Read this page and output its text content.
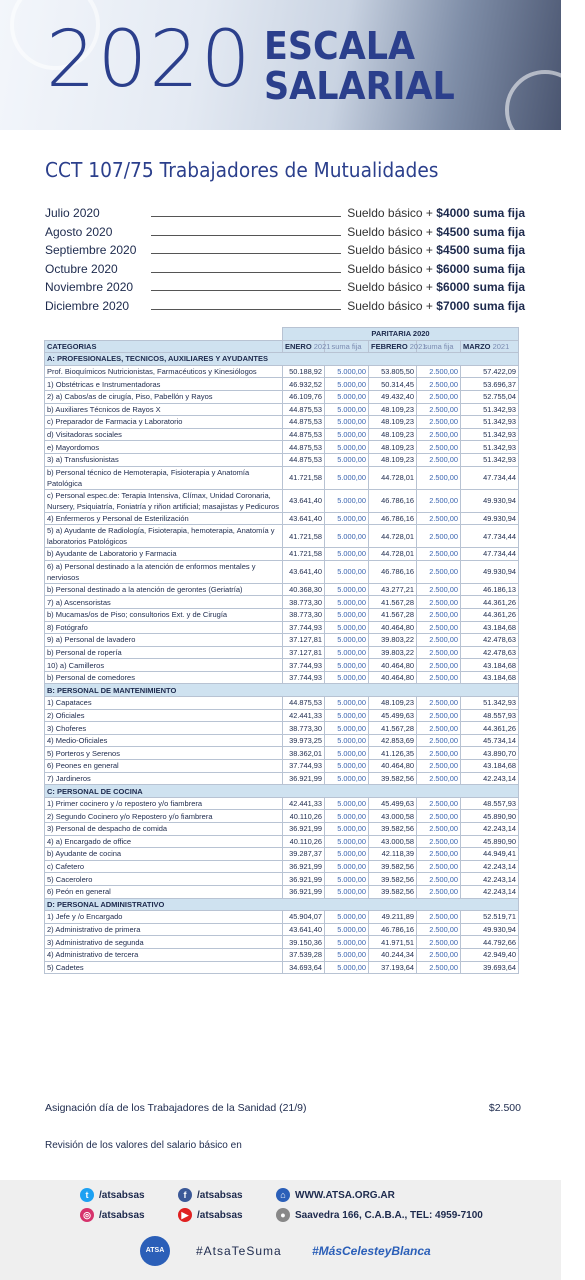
2020 ESCALA
SALARIAL
CCT 107/75 Trabajadores de Mutualidades
Julio 2020	Sueldo básico + $4000 suma fija
Agosto 2020	Sueldo básico + $4500 suma fija
Septiembre 2020	Sueldo básico + $4500 suma fija
Octubre 2020	Sueldo básico + $6000 suma fija
Noviembre 2020	Sueldo básico + $6000 suma fija
Diciembre 2020	Sueldo básico + $7000 suma fija
	PARITARIA 2020				
CATEGORIAS	ENERO 2021	suma fija	FEBRERO 2021	suma fija	MARZO 2021
A: PROFESIONALES, TECNICOS, AUXILIARES Y AYUDANTES					
Prof. Bioquímicos Nutricionistas, Farmacéuticos y Kinesiólogos	50.188,92	5.000,00	53.805,50	2.500,00	57.422,09
1) Obstétricas e Instrumentadoras	46.932,52	5.000,00	50.314,45	2.500,00	53.696,37
2) a) Cabos/as de cirugía, Piso, Pabellón y Rayos	46.109,76	5.000,00	49.432,40	2.500,00	52.755,04
b) Auxiliares Técnicos de Rayos X	44.875,53	5.000,00	48.109,23	2.500,00	51.342,93
c) Preparador de Farmacia y Laboratorio	44.875,53	5.000,00	48.109,23	2.500,00	51.342,93
d) Visitadoras sociales	44.875,53	5.000,00	48.109,23	2.500,00	51.342,93
e) Mayordomos	44.875,53	5.000,00	48.109,23	2.500,00	51.342,93
3) a) Transfusionistas	44.875,53	5.000,00	48.109,23	2.500,00	51.342,93
b) Personal técnico de Hemoterapia, Fisioterapia y Anatomía Patológica	41.721,58	5.000,00	44.728,01	2.500,00	47.734,44
c) Personal espec.de: Terapia Intensiva, Clímax, Unidad Coronaria, Nursery, Psiquiatría, Foniatría y riñon artificial; masajistas y Pedicuros	43.641,40	5.000,00	46.786,16	2.500,00	49.930,94
4) Enfermeros y Personal de Esterilización	43.641,40	5.000,00	46.786,16	2.500,00	49.930,94
5) a) Ayudante de Radiología, Fisioterapia, hemoterapia, Anatomía y laboratorios Patológicos	41.721,58	5.000,00	44.728,01	2.500,00	47.734,44
b) Ayudante de Laboratorio y Farmacia	41.721,58	5.000,00	44.728,01	2.500,00	47.734,44
6) a) Personal destinado a la atención de enformos mentales y nerviosos	43.641,40	5.000,00	46.786,16	2.500,00	49.930,94
b) Personal destinado a la atención de gerontes (Geriatría)	40.368,30	5.000,00	43.277,21	2.500,00	46.186,13
7) a) Ascensoristas	38.773,30	5.000,00	41.567,28	2.500,00	44.361,26
b) Mucamas/os de Piso; consultorios Ext. y de Cirugía	38.773,30	5.000,00	41.567,28	2.500,00	44.361,26
8) Fotógrafo	37.744,93	5.000,00	40.464,80	2.500,00	43.184,68
9) a) Personal de lavadero	37.127,81	5.000,00	39.803,22	2.500,00	42.478,63
b) Personal de ropería	37.127,81	5.000,00	39.803,22	2.500,00	42.478,63
10) a) Camilleros	37.744,93	5.000,00	40.464,80	2.500,00	43.184,68
b) Personal de comedores	37.744,93	5.000,00	40.464,80	2.500,00	43.184,68
B: PERSONAL DE MANTENIMIENTO					
1) Capataces	44.875,53	5.000,00	48.109,23	2.500,00	51.342,93
2) Oficiales	42.441,33	5.000,00	45.499,63	2.500,00	48.557,93
3) Choferes	38.773,30	5.000,00	41.567,28	2.500,00	44.361,26
4) Medio-Oficiales	39.973,25	5.000,00	42.853,69	2.500,00	45.734,14
5) Porteros y Serenos	38.362,01	5.000,00	41.126,35	2.500,00	43.890,70
6) Peones en general	37.744,93	5.000,00	40.464,80	2.500,00	43.184,68
7) Jardineros	36.921,99	5.000,00	39.582,56	2.500,00	42.243,14
C: PERSONAL DE COCINA					
1) Primer cocinero y /o repostero y/o fiambrera	42.441,33	5.000,00	45.499,63	2.500,00	48.557,93
2) Segundo Cocinero y/o Repostero y/o fiambrera	40.110,26	5.000,00	43.000,58	2.500,00	45.890,90
3) Personal de despacho de comida	36.921,99	5.000,00	39.582,56	2.500,00	42.243,14
4) a) Encargado de office	40.110,26	5.000,00	43.000,58	2.500,00	45.890,90
b) Ayudante de cocina	39.287,37	5.000,00	42.118,39	2.500,00	44.949,41
c) Cafetero	36.921,99	5.000,00	39.582,56	2.500,00	42.243,14
5) Cacerolero	36.921,99	5.000,00	39.582,56	2.500,00	42.243,14
6) Peón en general	36.921,99	5.000,00	39.582,56	2.500,00	42.243,14
D: PERSONAL ADMINISTRATIVO					
1) Jefe y /o Encargado	45.904,07	5.000,00	49.211,89	2.500,00	52.519,71
2) Administrativo de primera	43.641,40	5.000,00	46.786,16	2.500,00	49.930,94
3) Administrativo de segunda	39.150,36	5.000,00	41.971,51	2.500,00	44.792,66
4) Administrativo de tercera	37.539,28	5.000,00	40.244,34	2.500,00	42.949,40
5) Cadetes	34.693,64	5.000,00	37.193,64	2.500,00	39.693,64
Asignación día de los Trabajadores de la Sanidad (21/9)	$2.500
Revisión de los valores del salario básico en
t	/atsabsas	f	/atsabsas	⌂ WWW.ATSA.ORG.AR
◎ /atsabsas	▶ /atsabsas	● Saavedra 166, C.A.B.A., TEL: 4959-7100
ATSA	#AtsaTeSuma	#MásCelesteyBlanca
